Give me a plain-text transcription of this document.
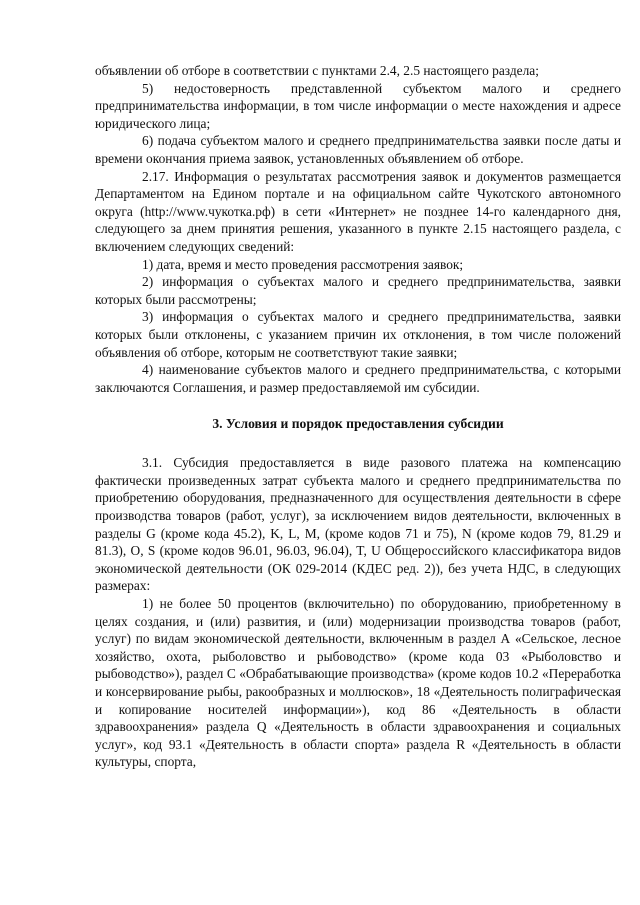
объявлении об отборе в соответствии с пунктами 2.4, 2.5 настоящего раздела;

5) недостоверность представленной субъектом малого и среднего предпринимательства информации, в том числе информации о месте нахождения и адресе юридического лица;

6) подача субъектом малого и среднего предпринимательства заявки после даты и времени окончания приема заявок, установленных объявлением об отборе.

2.17. Информация о результатах рассмотрения заявок и документов размещается Департаментом на Едином портале и на официальном сайте Чукотского автономного округа (http://www.чукотка.рф) в сети «Интернет» не позднее 14-го календарного дня, следующего за днем принятия решения, указанного в пункте 2.15 настоящего раздела, с включением следующих сведений:

1) дата, время и место проведения рассмотрения заявок;

2) информация о субъектах малого и среднего предпринимательства, заявки которых были рассмотрены;

3) информация о субъектах малого и среднего предпринимательства, заявки которых были отклонены, с указанием причин их отклонения, в том числе положений объявления об отборе, которым не соответствуют такие заявки;

4) наименование субъектов малого и среднего предпринимательства, с которыми заключаются Соглашения, и размер предоставляемой им субсидии.

3. Условия и порядок предоставления субсидии

3.1. Субсидия предоставляется в виде разового платежа на компенсацию фактически произведенных затрат субъекта малого и среднего предпринимательства по приобретению оборудования, предназначенного для осуществления деятельности в сфере производства товаров (работ, услуг), за исключением видов деятельности, включенных в разделы G (кроме кода 45.2), K, L, M, (кроме кодов 71 и 75), N (кроме кодов 79, 81.29 и 81.3), O, S (кроме кодов 96.01, 96.03, 96.04), T, U Общероссийского классификатора видов экономической деятельности (ОК 029-2014 (КДЕС ред. 2)), без учета НДС, в следующих размерах:

1) не более 50 процентов (включительно) по оборудованию, приобретенному в целях создания, и (или) развития, и (или) модернизации производства товаров (работ, услуг) по видам экономической деятельности, включенным в раздел А «Сельское, лесное хозяйство, охота, рыболовство и рыбоводство» (кроме кода 03 «Рыболовство и рыбоводство»), раздел С «Обрабатывающие производства» (кроме кодов 10.2 «Переработка и консервирование рыбы, ракообразных и моллюсков», 18 «Деятельность полиграфическая и копирование носителей информации»), код 86 «Деятельность в области здравоохранения» раздела Q «Деятельность в области здравоохранения и социальных услуг», код 93.1 «Деятельность в области спорта» раздела R «Деятельность в области культуры, спорта,
